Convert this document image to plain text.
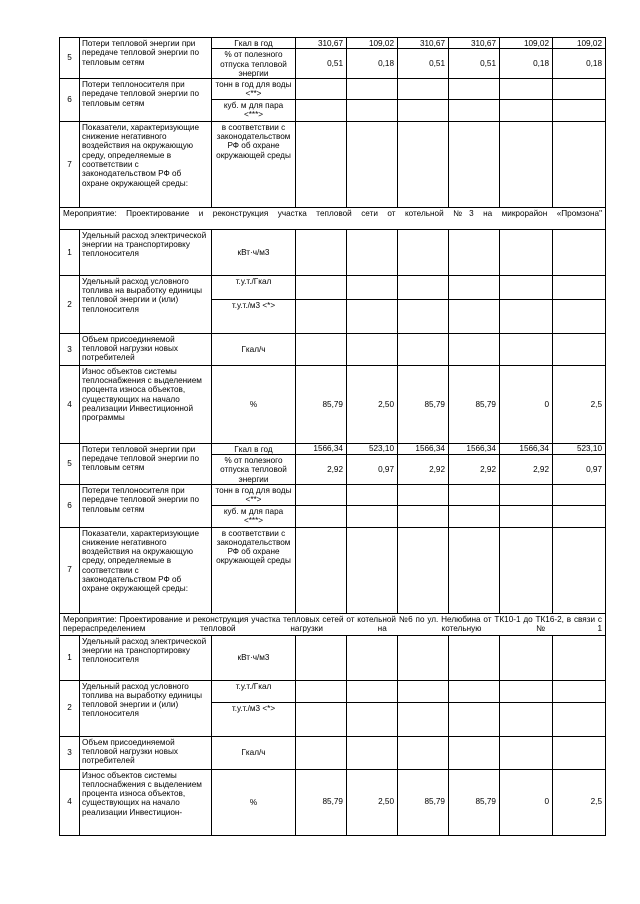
5	Потери тепловой энергии при передаче тепловой энергии по тепловым сетям	Гкал в год	310,67	109,02	310,67	310,67	109,02	109,02
		% от полезного отпуска тепловой энергии	0,51	0,18	0,51	0,51	0,18	0,18
6	Потери теплоносителя при передаче тепловой энергии по тепловым сетям	тонн в год для воды <**>						
		куб. м для пара <***>						
7	Показатели, характеризующие снижение негативного воздействия на окружающую среду, определяемые в соответствии с законодательством РФ об охране окружающей среды:	в соответствии с законодательством РФ об охране окружающей среды						
Мероприятие: Проектирование и реконструкция участка тепловой сети от котельной №3 на микрорайон «Промзона"								
1	Удельный расход электрической энергии на транспортировку теплоносителя	кВт·ч/м3						
2	Удельный расход условного топлива на выработку единицы тепловой энергии и (или) теплоносителя	т.у.т./Гкал						
		т.у.т./м3 <*>						
3	Объем присоединяемой тепловой нагрузки новых потребителей	Гкал/ч						
4	Износ объектов системы теплоснабжения с выделением процента износа объектов, существующих на начало реализации Инвестиционной программы	%	85,79	2,50	85,79	85,79	0	2,5
5	Потери тепловой энергии при передаче тепловой энергии по тепловым сетям	Гкал в год	1566,34	523,10	1566,34	1566,34	1566,34	523,10
		% от полезного отпуска тепловой энергии	2,92	0,97	2,92	2,92	2,92	0,97
6	Потери теплоносителя при передаче тепловой энергии по тепловым сетям	тонн в год для воды <**>						
		куб. м для пара <***>						
7	Показатели, характеризующие снижение негативного воздействия на окружающую среду, определяемые в соответствии с законодательством РФ об охране окружающей среды:	в соответствии с законодательством РФ об охране окружающей среды						
Мероприятие: Проектирование и реконструкция участка тепловых сетей от котельной №6 по ул. Нелюбина от ТК10-1 до ТК16-2, в связи с перераспределением тепловой нагрузки на котельную №1								
1	Удельный расход электрической энергии на транспортировку теплоносителя	кВт·ч/м3						
2	Удельный расход условного топлива на выработку единицы тепловой энергии и (или) теплоносителя	т.у.т./Гкал						
		т.у.т./м3 <*>						
3	Объем присоединяемой тепловой нагрузки новых потребителей	Гкал/ч						
4	Износ объектов системы теплоснабжения с выделением процента износа объектов, существующих на начало реализации Инвестицион-	%	85,79	2,50	85,79	85,79	0	2,5
